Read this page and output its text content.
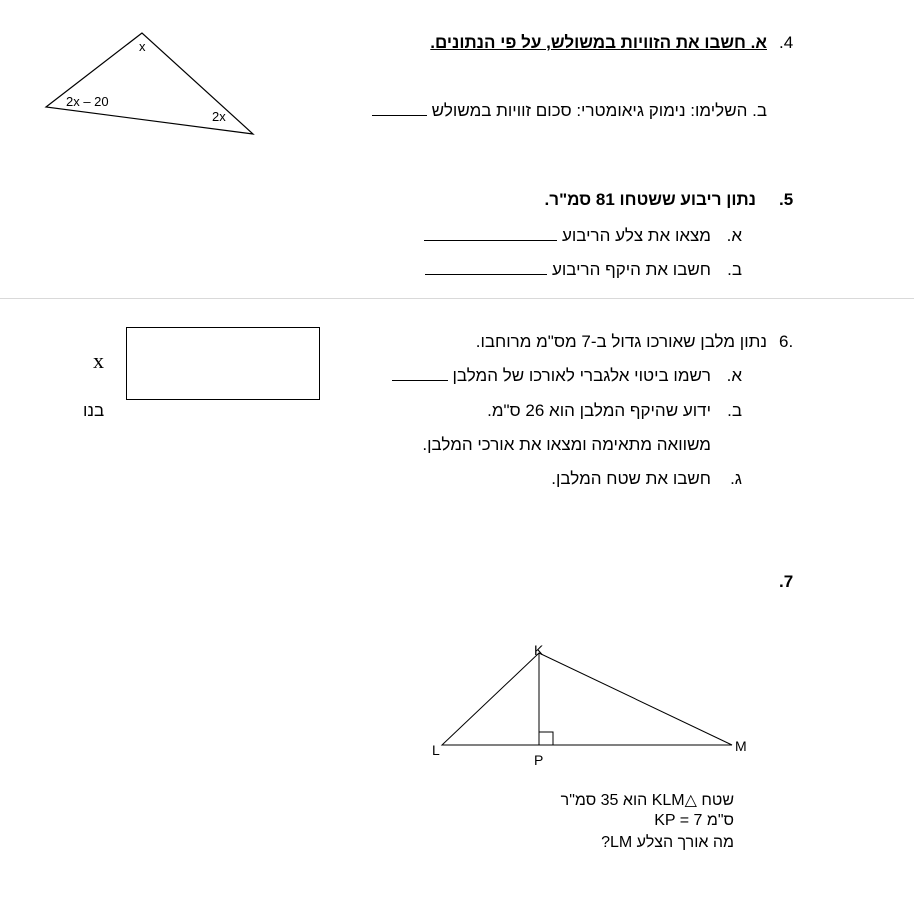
.4
א. חשבו את הזוויות במשולש, על פי הנתונים.
ב. השלימו: נימוק גיאומטרי: סכום זוויות במשולש
x
2x – 20
2x
.5
נתון ריבוע ששטחו 81 סמ"ר.
א.
מצאו את צלע הריבוע
ב.
חשבו את היקף הריבוע
6.
נתון מלבן שאורכו גדול ב-7 מס"מ מרוחבו.
א.
רשמו ביטוי אלגברי לאורכו של המלבן
ב.
ידוע שהיקף המלבן הוא 26 ס"מ.
משוואה מתאימה ומצאו את אורכי המלבן.
ג.
חשבו את שטח המלבן.
x
בנו
.7
K
L	M
P
שטח △KLM הוא 35 סמ"ר
KP = 7 ס"מ
מה אורך הצלע LM?
